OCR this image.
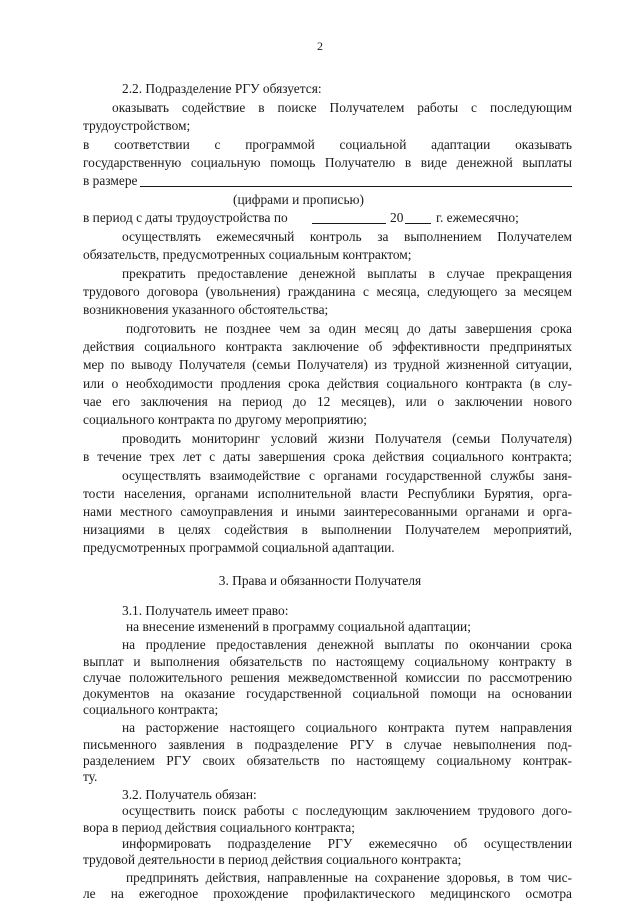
2
2.2. Подразделение РГУ обязуется:
оказывать содействие в поиске Получателем работы с последующим
трудоустройством;
в соответствии с программой социальной адаптации оказывать
государственную социальную помощь Получателю в виде денежной выплаты
в размере
(цифрами и прописью)
в период с даты трудоустройства по	20 г. ежемесячно;
осуществлять ежемесячный контроль за выполнением Получателем
обязательств, предусмотренных социальным контрактом;
прекратить предоставление денежной выплаты в случае прекращения
трудового договора (увольнения) гражданина с месяца, следующего за месяцем
возникновения указанного обстоятельства;
подготовить не позднее чем за один месяц до даты завершения срока
действия социального контракта заключение об эффективности предпринятых
мер по выводу Получателя (семьи Получателя) из трудной жизненной ситуации,
или о необходимости продления срока действия социального контракта (в слу-
чае его заключения на период до 12 месяцев), или о заключении нового
социального контракта по другому мероприятию;
проводить мониторинг условий жизни Получателя (семьи Получателя)
в течение трех лет с даты завершения срока действия социального контракта;
осуществлять взаимодействие с органами государственной службы заня-
тости населения, органами исполнительной власти Республики Бурятия, орга-
нами местного самоуправления и иными заинтересованными органами и орга-
низациями в целях содействия в выполнении Получателем мероприятий,
предусмотренных программой социальной адаптации.
3. Права и обязанности Получателя
3.1. Получатель имеет право:
на внесение изменений в программу социальной адаптации;
на продление предоставления денежной выплаты по окончании срока
выплат и выполнения обязательств по настоящему социальному контракту в
случае положительного решения межведомственной комиссии по рассмотрению
документов на оказание государственной социальной помощи на основании
социального контракта;
на расторжение настоящего социального контракта путем направления
письменного заявления в подразделение РГУ в случае невыполнения под-
разделением РГУ своих обязательств по настоящему социальному контрак-
ту.
3.2. Получатель обязан:
осуществить поиск работы с последующим заключением трудового дого-
вора в период действия социального контракта;
информировать подразделение РГУ ежемесячно об осуществлении
трудовой деятельности в период действия социального контракта;
предпринять действия, направленные на сохранение здоровья, в том чис-
ле на ежегодное прохождение профилактического медицинского осмотра
